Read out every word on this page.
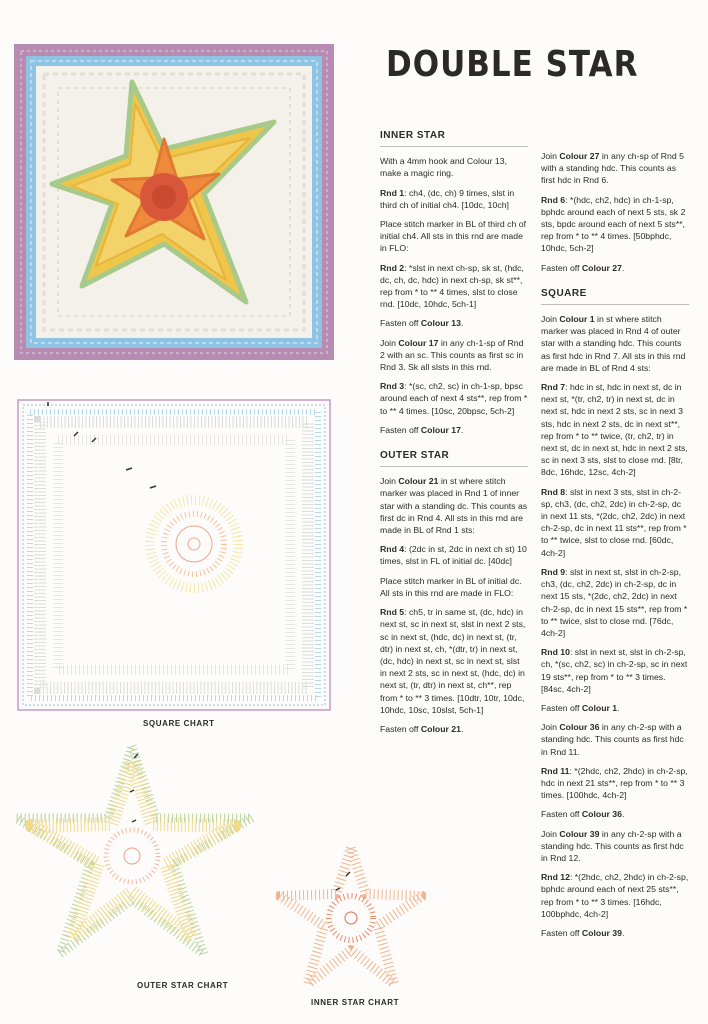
SQUARE CHART
OUTER STAR CHART
INNER STAR CHART
DOUBLE STAR
INNER STAR

With a 4mm hook and Colour 13, make a magic ring.

Rnd 1: ch4, (dc, ch) 9 times, slst in third ch of initial ch4. [10dc, 10ch]

Place stitch marker in BL of third ch of initial ch4. All sts in this rnd are made in FLO:

Rnd 2: *slst in next ch-sp, sk st, (hdc, dc, ch, dc, hdc) in next ch-sp, sk st**, rep from * to ** 4 times, slst to close rnd. [10dc, 10hdc, 5ch-1]

Fasten off Colour 13.

Join Colour 17 in any ch-1-sp of Rnd 2 with an sc. This counts as first sc in Rnd 3. Sk all slsts in this rnd.

Rnd 3: *(sc, ch2, sc) in ch-1-sp, bpsc around each of next 4 sts**, rep from * to ** 4 times. [10sc, 20bpsc, 5ch-2]

Fasten off Colour 17.

OUTER STAR

Join Colour 21 in st where stitch marker was placed in Rnd 1 of inner star with a standing dc. This counts as first dc in Rnd 4. All sts in this rnd are made in BL of Rnd 1 sts:

Rnd 4: (2dc in st, 2dc in next ch st) 10 times, slst in FL of initial dc. [40dc]

Place stitch marker in BL of initial dc. All sts in this rnd are made in FLO:

Rnd 5: ch5, tr in same st, (dc, hdc) in next st, sc in next st, slst in next 2 sts, sc in next st, (hdc, dc) in next st, (tr, dtr) in next st, ch, *(dtr, tr) in next st, (dc, hdc) in next st, sc in next st, slst in next 2 sts, sc in next st, (hdc, dc) in next st, (tr, dtr) in next st, ch**, rep from * to ** 3 times. [10dtr, 10tr, 10dc, 10hdc, 10sc, 10slst, 5ch-1]

Fasten off Colour 21.

Join Colour 27 in any ch-sp of Rnd 5 with a standing hdc. This counts as first hdc in Rnd 6.

Rnd 6: *(hdc, ch2, hdc) in ch-1-sp, bphdc around each of next 5 sts, sk 2 sts, bpdc around each of next 5 sts**, rep from * to ** 4 times. [50bphdc, 10hdc, 5ch-2]

Fasten off Colour 27.

SQUARE

Join Colour 1 in st where stitch marker was placed in Rnd 4 of outer star with a standing hdc. This counts as first hdc in Rnd 7. All sts in this rnd are made in BL of Rnd 4 sts:

Rnd 7: hdc in st, hdc in next st, dc in next st, *(tr, ch2, tr) in next st, dc in next st, hdc in next 2 sts, sc in next 3 sts, hdc in next 2 sts, dc in next st**, rep from * to ** twice, (tr, ch2, tr) in next st, dc in next st, hdc in next 2 sts, sc in next 3 sts, slst to close rnd. [8tr, 8dc, 16hdc, 12sc, 4ch-2]

Rnd 8: slst in next 3 sts, slst in ch-2-sp, ch3, (dc, ch2, 2dc) in ch-2-sp, dc in next 11 sts, *(2dc, ch2, 2dc) in next ch-2-sp, dc in next 11 sts**, rep from * to ** twice, slst to close rnd. [60dc, 4ch-2]

Rnd 9: slst in next st, slst in ch-2-sp, ch3, (dc, ch2, 2dc) in ch-2-sp, dc in next 15 sts, *(2dc, ch2, 2dc) in next ch-2-sp, dc in next 15 sts**, rep from * to ** twice, slst to close rnd. [76dc, 4ch-2]

Rnd 10: slst in next st, slst in ch-2-sp, ch, *(sc, ch2, sc) in ch-2-sp, sc in next 19 sts**, rep from * to ** 3 times. [84sc, 4ch-2]

Fasten off Colour 1.

Join Colour 36 in any ch-2-sp with a standing hdc. This counts as first hdc in Rnd 11.

Rnd 11: *(2hdc, ch2, 2hdc) in ch-2-sp, hdc in next 21 sts**, rep from * to ** 3 times. [100hdc, 4ch-2]

Fasten off Colour 36.

Join Colour 39 in any ch-2-sp with a standing hdc. This counts as first hdc in Rnd 12.

Rnd 12: *(2hdc, ch2, 2hdc) in ch-2-sp, bphdc around each of next 25 sts**, rep from * to ** 3 times. [16hdc, 100bphdc, 4ch-2]

Fasten off Colour 39.
